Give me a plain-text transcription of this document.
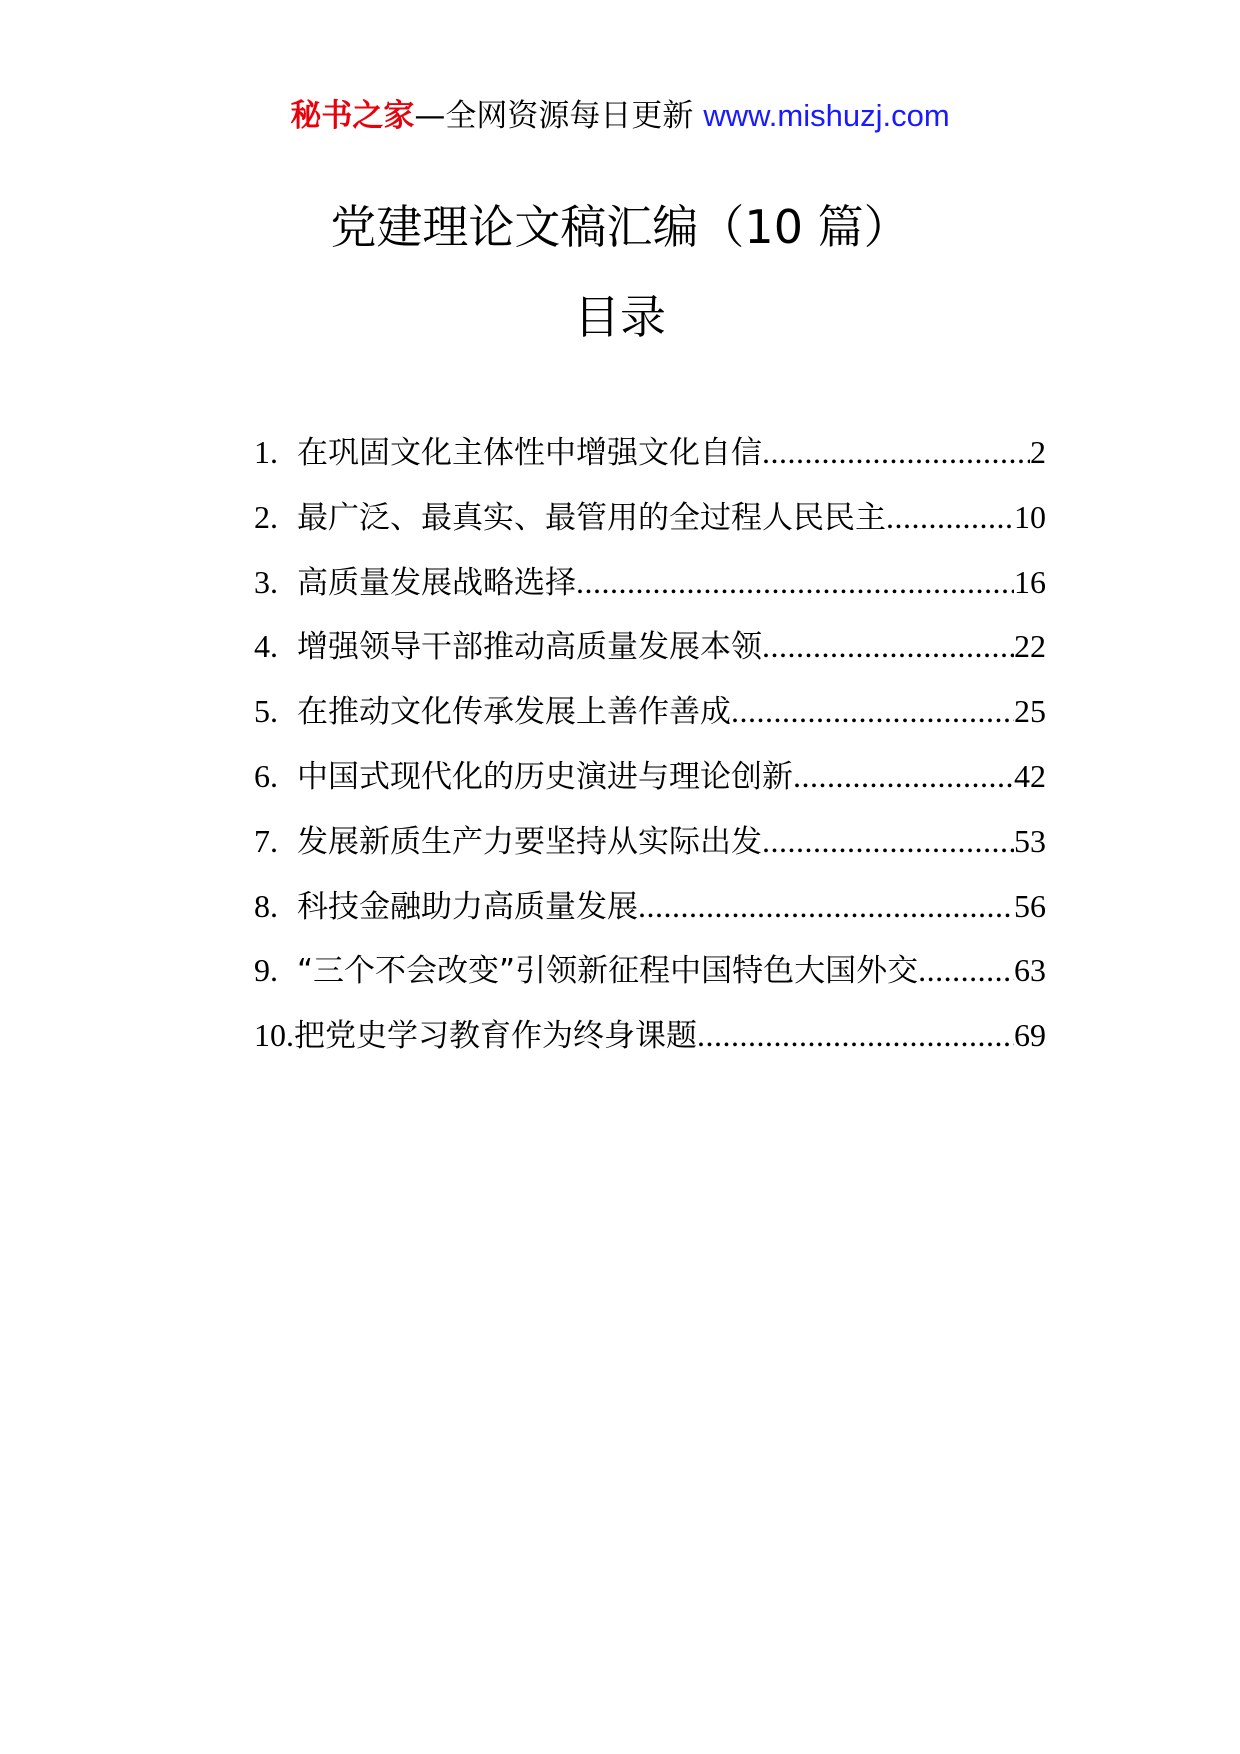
秘书之家—全网资源每日更新 www.mishuzj.com
党建理论文稿汇编（10 篇）
目录
1. 在巩固文化主体性中增强文化自信 .....	2
2. 最广泛、最真实、最管用的全过程人民民主 .....	10
3. 高质量发展战略选择 .....	16
4. 增强领导干部推动高质量发展本领 .....	22
5. 在推动文化传承发展上善作善成 .....	25
6. 中国式现代化的历史演进与理论创新 .....	42
7. 发展新质生产力要坚持从实际出发 .....	53
8. 科技金融助力高质量发展 .....	56
9. “三个不会改变”引领新征程中国特色大国外交 .....	63
10. 把党史学习教育作为终身课题 .....	69
